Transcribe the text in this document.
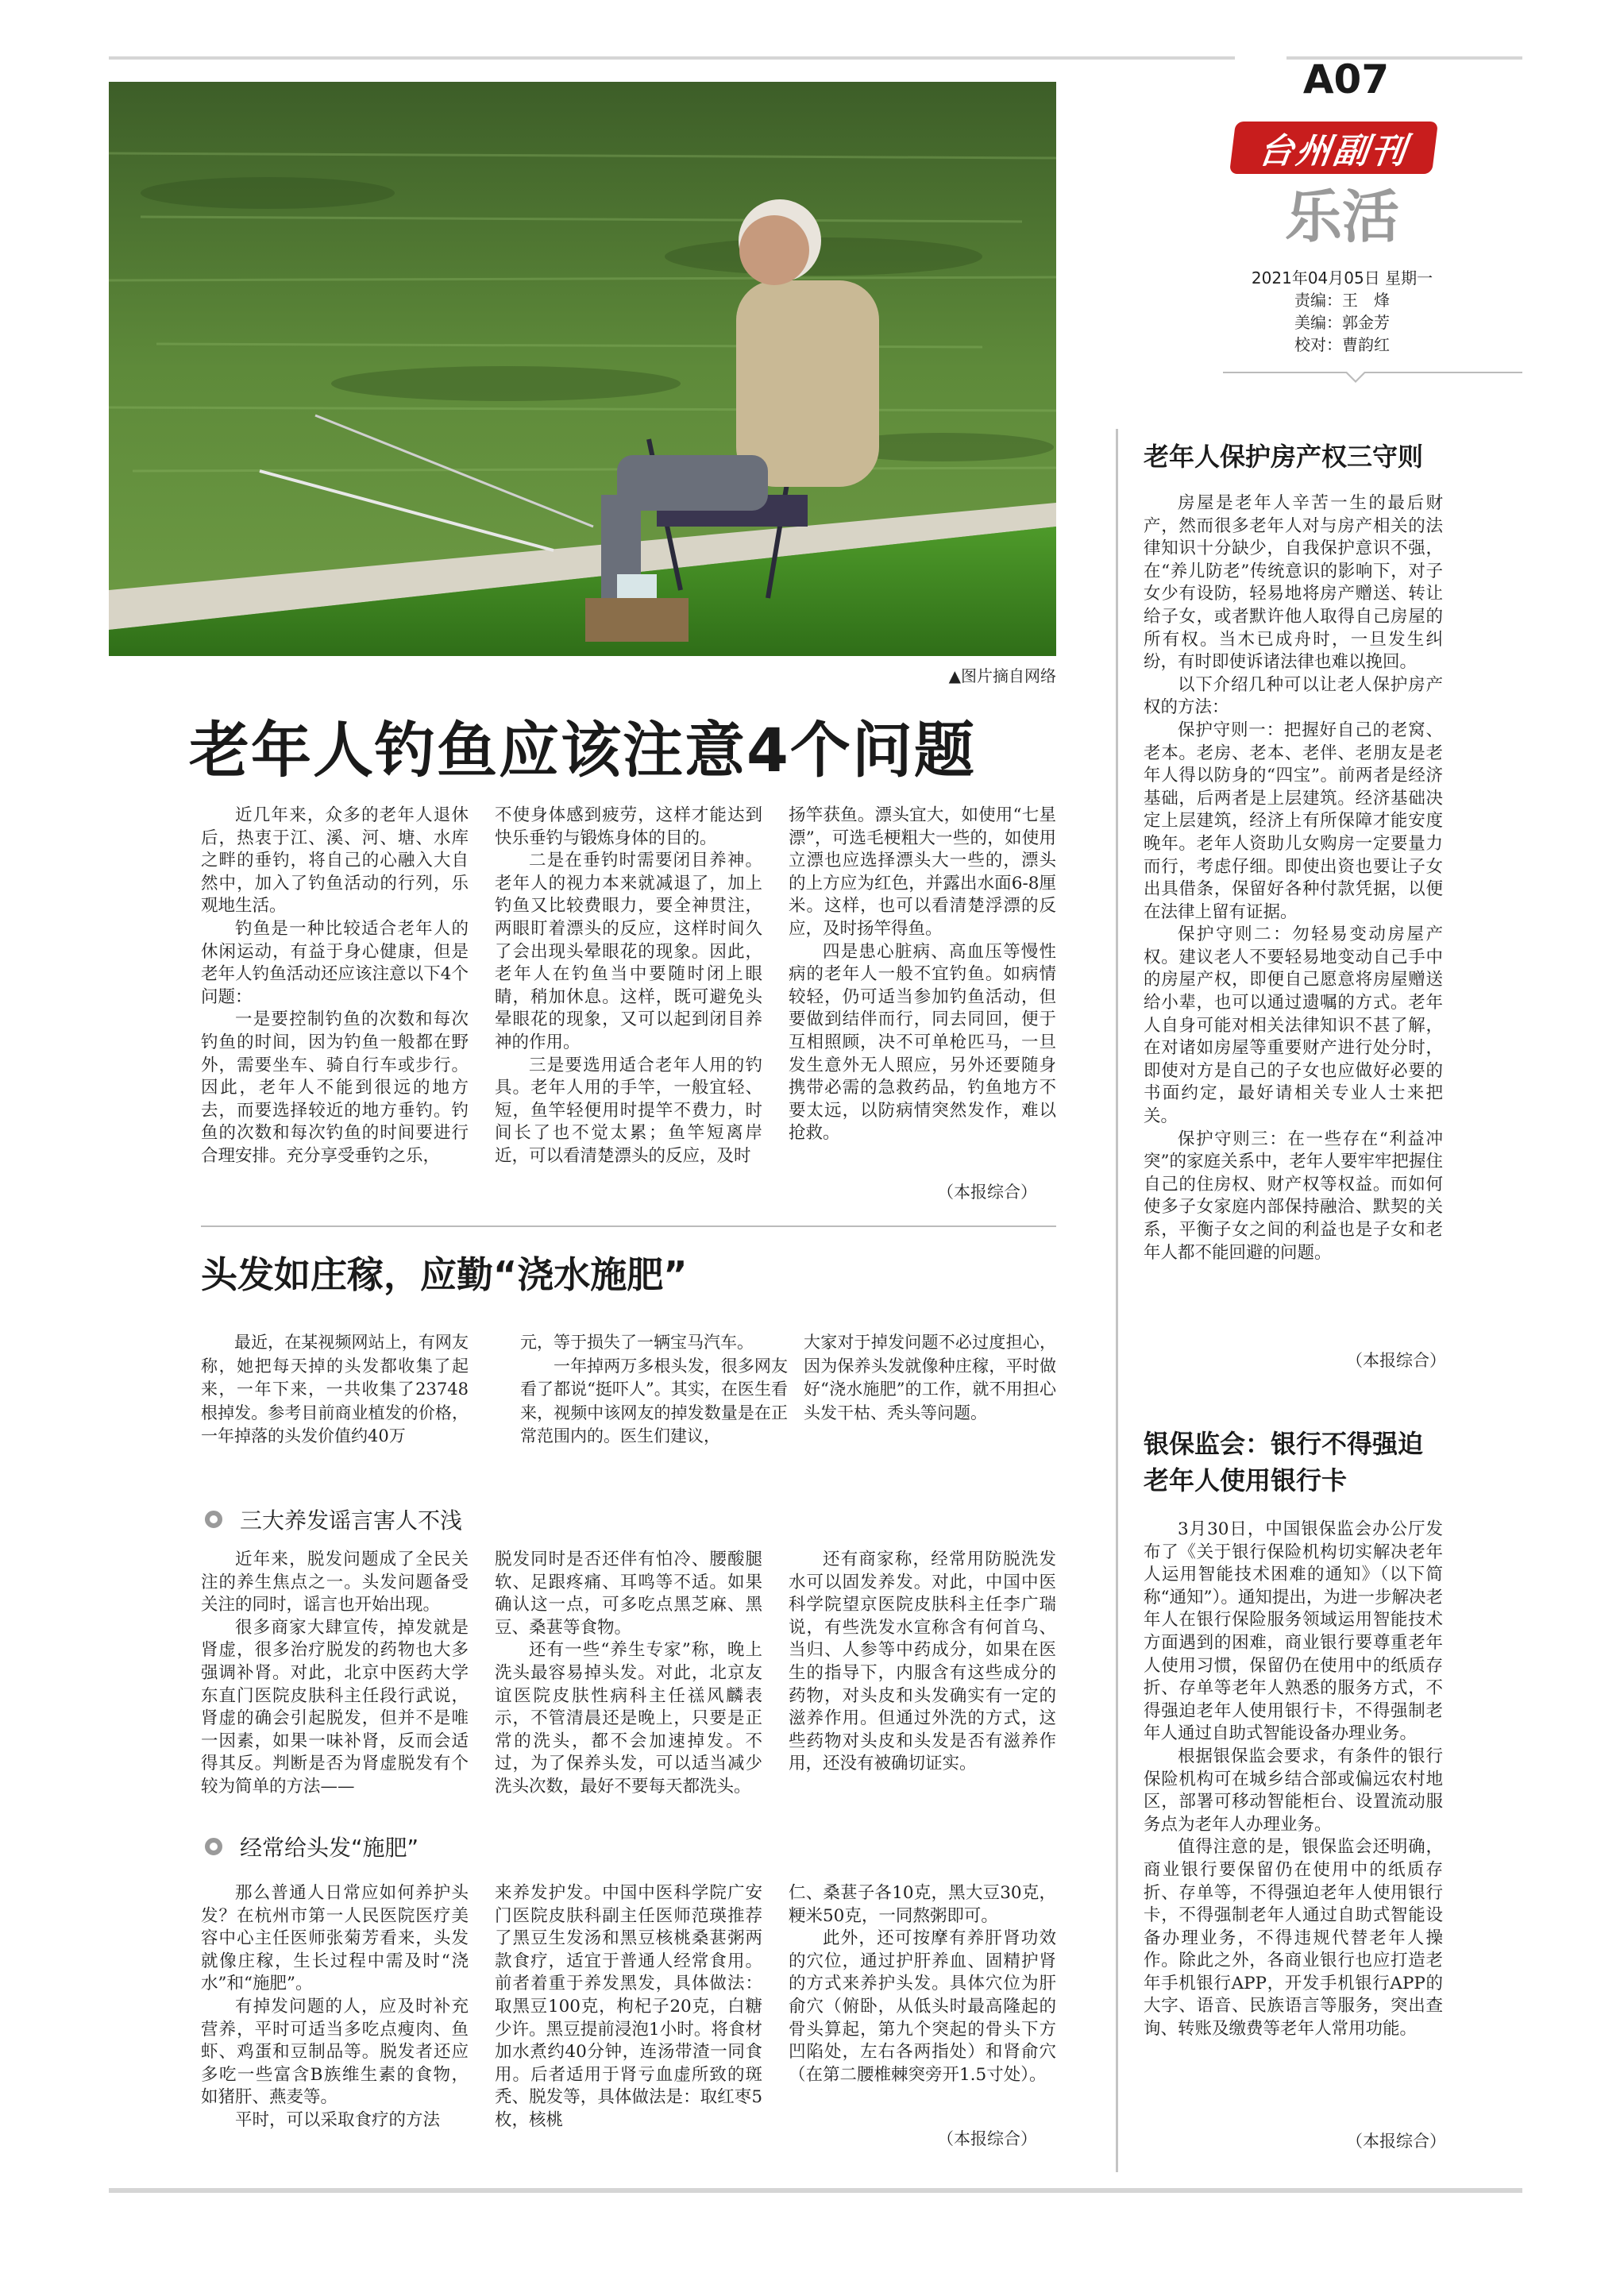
A07
台州副刊
乐活
2021年04月05日 星期一
责编：王　烽
美编：郭金芳
校对：曹韵红
▲图片摘自网络
老年人钓鱼应该注意4个问题

近几年来，众多的老年人退休后，热衷于江、溪、河、塘、水库之畔的垂钓，将自己的心融入大自然中，加入了钓鱼活动的行列，乐观地生活。

钓鱼是一种比较适合老年人的休闲运动，有益于身心健康，但是老年人钓鱼活动还应该注意以下4个问题：

一是要控制钓鱼的次数和每次钓鱼的时间，因为钓鱼一般都在野外，需要坐车、骑自行车或步行。因此，老年人不能到很远的地方去，而要选择较近的地方垂钓。钓鱼的次数和每次钓鱼的时间要进行合理安排。充分享受垂钓之乐，

不使身体感到疲劳，这样才能达到快乐垂钓与锻炼身体的目的。

二是在垂钓时需要闭目养神。老年人的视力本来就减退了，加上钓鱼又比较费眼力，要全神贯注，两眼盯着漂头的反应，这样时间久了会出现头晕眼花的现象。因此，老年人在钓鱼当中要随时闭上眼睛，稍加休息。这样，既可避免头晕眼花的现象，又可以起到闭目养神的作用。

三是要选用适合老年人用的钓具。老年人用的手竿，一般宜轻、短，鱼竿轻便用时提竿不费力，时间长了也不觉太累；鱼竿短离岸近，可以看清楚漂头的反应，及时

扬竿获鱼。漂头宜大，如使用“七星漂”，可选毛梗粗大一些的，如使用立漂也应选择漂头大一些的，漂头的上方应为红色，并露出水面6-8厘米。这样，也可以看清楚浮漂的反应，及时扬竿得鱼。

四是患心脏病、高血压等慢性病的老年人一般不宜钓鱼。如病情较轻，仍可适当参加钓鱼活动，但要做到结伴而行，同去同回，便于互相照顾，决不可单枪匹马，一旦发生意外无人照应，另外还要随身携带必需的急救药品，钓鱼地方不要太远，以防病情突然发作，难以抢救。

（本报综合）
头发如庄稼，应勤“浇水施肥”

最近，在某视频网站上，有网友称，她把每天掉的头发都收集了起来，一年下来，一共收集了23748根掉发。参考目前商业植发的价格，一年掉落的头发价值约40万

元，等于损失了一辆宝马汽车。

一年掉两万多根头发，很多网友看了都说“挺吓人”。其实，在医生看来，视频中该网友的掉发数量是在正常范围内的。医生们建议，

大家对于掉发问题不必过度担心，因为保养头发就像种庄稼，平时做好“浇水施肥”的工作，就不用担心头发干枯、秃头等问题。

三大养发谣言害人不浅

近年来，脱发问题成了全民关注的养生焦点之一。头发问题备受关注的同时，谣言也开始出现。

很多商家大肆宣传，掉发就是肾虚，很多治疗脱发的药物也大多强调补肾。对此，北京中医药大学东直门医院皮肤科主任段行武说，肾虚的确会引起脱发，但并不是唯一因素，如果一味补肾，反而会适得其反。判断是否为肾虚脱发有个较为简单的方法——

脱发同时是否还伴有怕冷、腰酸腿软、足跟疼痛、耳鸣等不适。如果确认这一点，可多吃点黑芝麻、黑豆、桑葚等食物。

还有一些“养生专家”称，晚上洗头最容易掉头发。对此，北京友谊医院皮肤性病科主任禚风麟表示，不管清晨还是晚上，只要是正常的洗头，都不会加速掉发。不过，为了保养头发，可以适当减少洗头次数，最好不要每天都洗头。

还有商家称，经常用防脱洗发水可以固发养发。对此，中国中医科学院望京医院皮肤科主任李广瑞说，有些洗发水宣称含有何首乌、当归、人参等中药成分，如果在医生的指导下，内服含有这些成分的药物，对头皮和头发确实有一定的滋养作用。但通过外洗的方式，这些药物对头皮和头发是否有滋养作用，还没有被确切证实。

经常给头发“施肥”

那么普通人日常应如何养护头发？在杭州市第一人民医院医疗美容中心主任医师张菊芳看来，头发就像庄稼，生长过程中需及时“浇水”和“施肥”。

有掉发问题的人，应及时补充营养，平时可适当多吃点瘦肉、鱼虾、鸡蛋和豆制品等。脱发者还应多吃一些富含B族维生素的食物，如猪肝、燕麦等。

平时，可以采取食疗的方法

来养发护发。中国中医科学院广安门医院皮肤科副主任医师范瑛推荐了黑豆生发汤和黑豆核桃桑葚粥两款食疗，适宜于普通人经常食用。前者着重于养发黑发，具体做法：取黑豆100克，枸杞子20克，白糖少许。黑豆提前浸泡1小时。将食材加水煮约40分钟，连汤带渣一同食用。后者适用于肾亏血虚所致的斑秃、脱发等，具体做法是：取红枣5枚，核桃

仁、桑葚子各10克，黑大豆30克，粳米50克，一同熬粥即可。

此外，还可按摩有养肝肾功效的穴位，通过护肝养血、固精护肾的方式来养护头发。具体穴位为肝俞穴（俯卧，从低头时最高隆起的骨头算起，第九个突起的骨头下方凹陷处，左右各两指处）和肾俞穴（在第二腰椎棘突旁开1.5寸处）。

（本报综合）
老年人保护房产权三守则

房屋是老年人辛苦一生的最后财产，然而很多老年人对与房产相关的法律知识十分缺少，自我保护意识不强，在“养儿防老”传统意识的影响下，对子女少有设防，轻易地将房产赠送、转让给子女，或者默许他人取得自己房屋的所有权。当木已成舟时，一旦发生纠纷，有时即使诉诸法律也难以挽回。

以下介绍几种可以让老人保护房产权的方法：

保护守则一：把握好自己的老窝、老本。老房、老本、老伴、老朋友是老年人得以防身的“四宝”。前两者是经济基础，后两者是上层建筑。经济基础决定上层建筑，经济上有所保障才能安度晚年。老年人资助儿女购房一定要量力而行，考虑仔细。即使出资也要让子女出具借条，保留好各种付款凭据，以便在法律上留有证据。

保护守则二：勿轻易变动房屋产权。建议老人不要轻易地变动自己手中的房屋产权，即便自己愿意将房屋赠送给小辈，也可以通过遗嘱的方式。老年人自身可能对相关法律知识不甚了解，在对诸如房屋等重要财产进行处分时，即使对方是自己的子女也应做好必要的书面约定，最好请相关专业人士来把关。

保护守则三：在一些存在“利益冲突”的家庭关系中，老年人要牢牢把握住自己的住房权、财产权等权益。而如何使多子女家庭内部保持融洽、默契的关系，平衡子女之间的利益也是子女和老年人都不能回避的问题。

（本报综合）
银保监会：银行不得强迫老年人使用银行卡

3月30日，中国银保监会办公厅发布了《关于银行保险机构切实解决老年人运用智能技术困难的通知》（以下简称“通知”）。通知提出，为进一步解决老年人在银行保险服务领域运用智能技术方面遇到的困难，商业银行要尊重老年人使用习惯，保留仍在使用中的纸质存折、存单等老年人熟悉的服务方式，不得强迫老年人使用银行卡，不得强制老年人通过自助式智能设备办理业务。

根据银保监会要求，有条件的银行保险机构可在城乡结合部或偏远农村地区，部署可移动智能柜台、设置流动服务点为老年人办理业务。

值得注意的是，银保监会还明确，商业银行要保留仍在使用中的纸质存折、存单等，不得强迫老年人使用银行卡，不得强制老年人通过自助式智能设备办理业务，不得违规代替老年人操作。除此之外，各商业银行也应打造老年手机银行APP，开发手机银行APP的大字、语音、民族语言等服务，突出查询、转账及缴费等老年人常用功能。

（本报综合）
